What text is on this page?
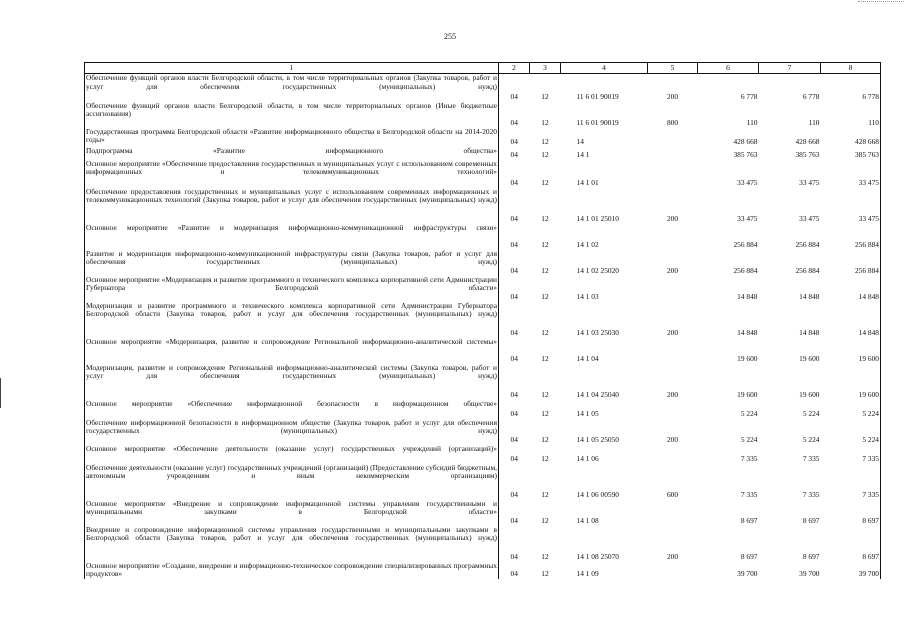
255
1	2	3	4	5	6	7	8
Обеспечение функций органов власти Белгородской области, в том числе территориальных органов (Закупка товаров, работ и услуг для обеспечения государственных (муниципальных) нужд)	04	12	11 6 01 90019	200	6 778	6 778	6 778
Обеспечение функций органов власти Белгородской области, в том числе территориальных органов (Иные бюджетные ассигнования)	04	12	11 6 01 90019	800	110	110	110
Государственная программа Белгородской области «Развитие информационного общества в Белгородской области на 2014-2020 годы»	04	12	14		428 668	428 668	428 668
Подпрограмма «Развитие информационного общества»	04	12	14 1		385 763	385 763	385 763
Основное мероприятие «Обеспечение предоставления государственных и муниципальных услуг с использованием современных информационных и телекоммуникационных технологий»	04	12	14 1 01		33 475	33 475	33 475
Обеспечение предоставления государственных и муниципальных услуг с использованием современных информационных и телекоммуникационных технологий (Закупка товаров, работ и услуг для обеспечения государственных (муниципальных) нужд)	04	12	14 1 01 25010	200	33 475	33 475	33 475
Основное мероприятие «Развитие и модернизация информационно-коммуникационной инфраструктуры связи»	04	12	14 1 02		256 884	256 884	256 884
Развитие и модернизация информационно-коммуникационной инфраструктуры связи (Закупка товаров, работ и услуг для обеспечения государственных (муниципальных) нужд)	04	12	14 1 02 25020	200	256 884	256 884	256 884
Основное мероприятие «Модернизация и развитие программного и технического комплекса корпоративной сети Администрации Губернатора Белгородской области»	04	12	14 1 03		14 848	14 848	14 848
Модернизация и развитие программного и технического комплекса корпоративной сети Администрации Губернатора Белгородской области (Закупка товаров, работ и услуг для обеспечения государственных (муниципальных) нужд)	04	12	14 1 03 25030	200	14 848	14 848	14 848
Основное мероприятие «Модернизация, развитие и сопровождение Региональной информационно-аналитической системы»	04	12	14 1 04		19 600	19 600	19 600
Модернизация, развитие и сопровождение Региональной информационно-аналитической системы (Закупка товаров, работ и услуг для обеспечения государственных (муниципальных) нужд)	04	12	14 1 04 25040	200	19 600	19 600	19 600
Основное мероприятие «Обеспечение информационной безопасности в информационном обществе»	04	12	14 1 05		5 224	5 224	5 224
Обеспечение информационной безопасности в информационном обществе (Закупка товаров, работ и услуг для обеспечения государственных (муниципальных) нужд)	04	12	14 1 05 25050	200	5 224	5 224	5 224
Основное мероприятие «Обеспечение деятельности (оказание услуг) государственных учреждений (организаций)»	04	12	14 1 06		7 335	7 335	7 335
Обеспечение деятельности (оказание услуг) государственных учреждений (организаций) (Предоставление субсидий бюджетным, автономным учреждениям и иным некоммерческим организациям)	04	12	14 1 06 00590	600	7 335	7 335	7 335
Основное мероприятие «Внедрение и сопровождение информационной системы управления государственными и муниципальными закупками в Белгородской области»	04	12	14 1 08		8 697	8 697	8 697
Внедрение и сопровождение информационной системы управления государственными и муниципальными закупками в Белгородской области (Закупка товаров, работ и услуг для обеспечения государственных (муниципальных) нужд)	04	12	14 1 08 25070	200	8 697	8 697	8 697
Основное мероприятие «Создание, внедрение и информационно-техническое сопровождение специализированных программных продуктов»	04	12	14 1 09		39 700	39 700	39 700
